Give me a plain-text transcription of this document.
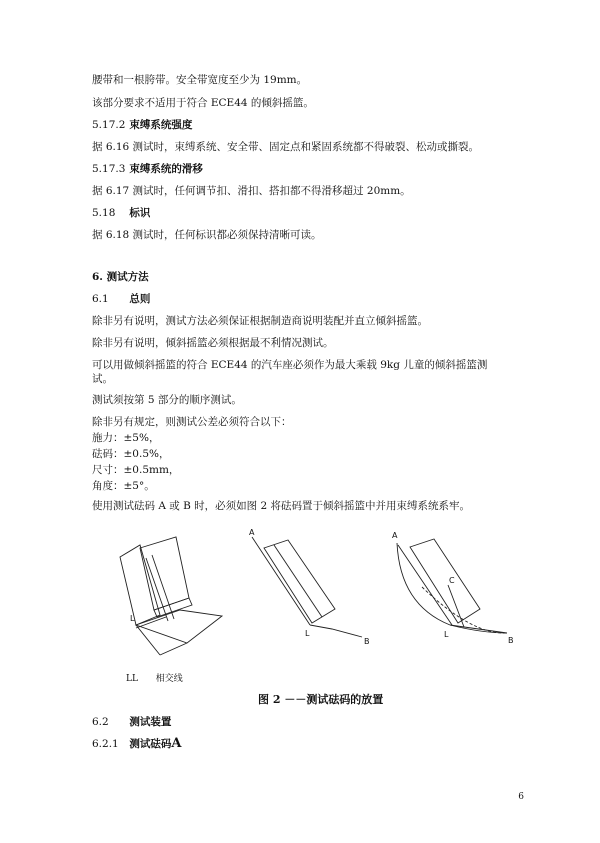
腰带和一根胯带。安全带宽度至少为 19mm。
该部分要求不适用于符合 ECE44 的倾斜摇篮。
5.17.2 束缚系统强度
据 6.16 测试时，束缚系统、安全带、固定点和紧固系统都不得破裂、松动或撕裂。
5.17.3 束缚系统的滑移
据 6.17 测试时，任何调节扣、滑扣、搭扣都不得滑移超过 20mm。
5.18 标识
据 6.18 测试时，任何标识都必须保持清晰可读。
6. 测试方法
6.1 总则
除非另有说明，测试方法必须保证根据制造商说明装配并直立倾斜摇篮。
除非另有说明，倾斜摇篮必须根据最不利情况测试。
可以用做倾斜摇篮的符合 ECE44 的汽车座必须作为最大乘载 9kg 儿童的倾斜摇篮测
试。
测试须按第 5 部分的顺序测试。
除非另有规定，则测试公差必须符合以下：
施力：±5%，
砝码：±0.5%，
尺寸：±0.5mm，
角度：±5°。
使用测试砝码 A 或 B 时，必须如图 2 将砝码置于倾斜摇篮中并用束缚系统系牢。
L
A
L
B
A
C
L
B
LL 相交线
图 2 －－测试砝码的放置
6.2 测试装置
6.2.1 测试砝码A
6
